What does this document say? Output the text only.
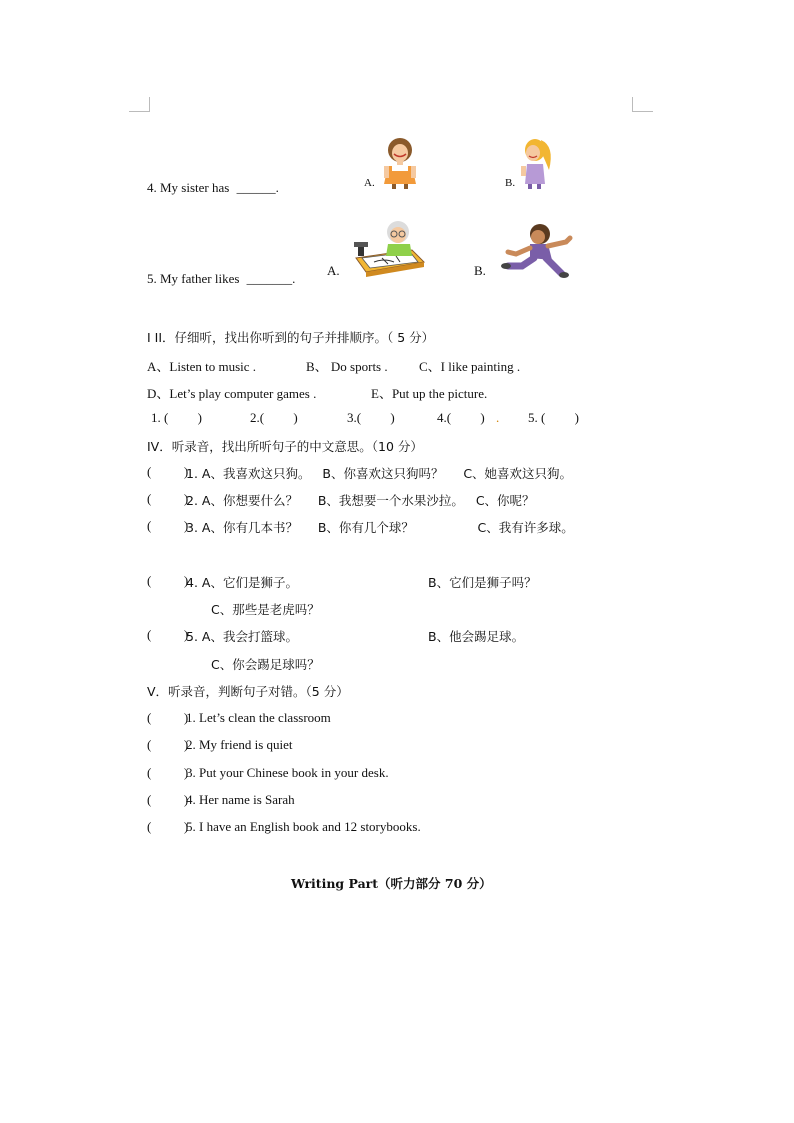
4. My sister has ______.	A.	B.
5. My father likes _______.
A.	B.
I II．仔细听，找出你听到的句子并排顺序。（ 5 分）
A、Listen to music .	B、 Do sports . C、I like painting .
D、Let’s play computer games .	E、Put up the picture.
1. (         )	2.(         )	3.(         )	4.(         ) . 5. (         )
IV．听录音，找出所听句子的中文意思。（10 分）
(          )
1. A、我喜欢这只狗。   B、你喜欢这只狗吗？     C、她喜欢这只狗。
(          )
2. A、你想要什么？     B、我想要一个水果沙拉。   C、你呢？
(          )
3. A、你有几本书？     B、你有几个球？                C、我有许多球。
(          )
4. A、它们是狮子。	B、它们是狮子吗？
C、那些是老虎吗？
(          )
5. A、我会打篮球。	B、他会踢足球。
C、你会踢足球吗？
V．听录音，判断句子对错。（5 分）
(          )
1. Let’s clean the classroom
(          )
2. My friend is quiet
(          )
3. Put your Chinese book in your desk.
(          )
4. Her name is Sarah
(          )
5. I have an English book and 12 storybooks.
Writing Part（听力部分 70 分）
